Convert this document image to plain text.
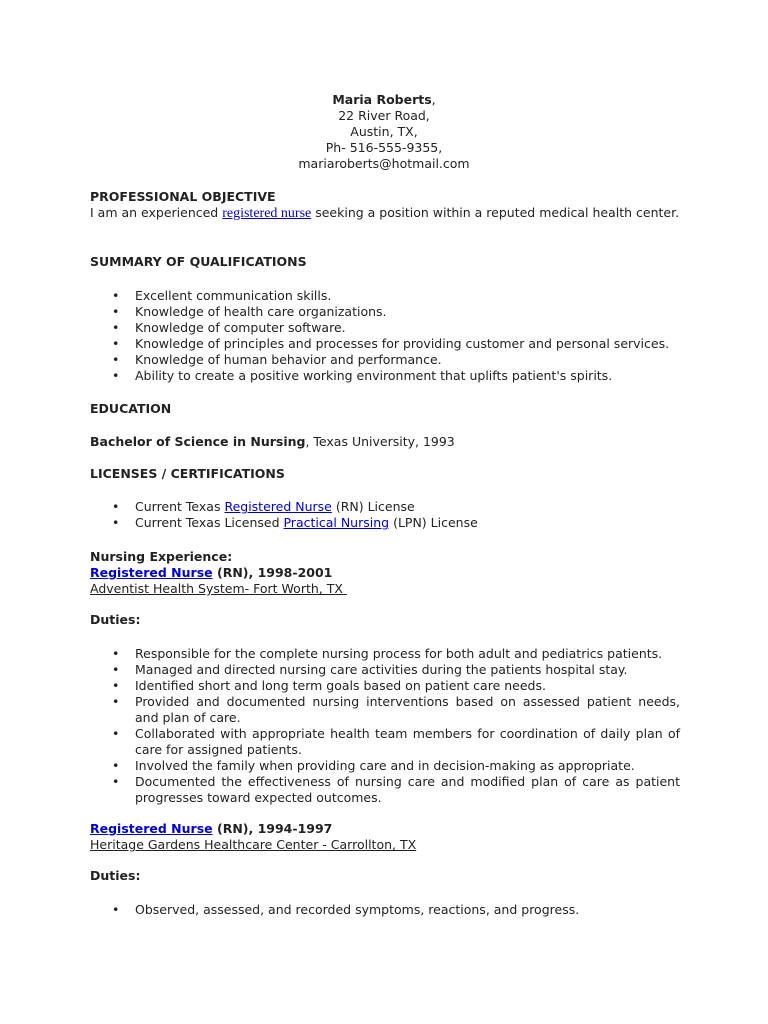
Maria Roberts,
22 River Road,
Austin, TX,
Ph- 516-555-9355,
mariaroberts@hotmail.com
PROFESSIONAL OBJECTIVE
I am an experienced registered nurse seeking a position within a reputed medical health center.
SUMMARY OF QUALIFICATIONS
• Excellent communication skills.
• Knowledge of health care organizations.
• Knowledge of computer software.
• Knowledge of principles and processes for providing customer and personal services.
• Knowledge of human behavior and performance.
• Ability to create a positive working environment that uplifts patient's spirits.
EDUCATION
Bachelor of Science in Nursing, Texas University, 1993
LICENSES / CERTIFICATIONS
• Current Texas Registered Nurse (RN) License
• Current Texas Licensed Practical Nursing (LPN) License
Nursing Experience:
Registered Nurse (RN), 1998-2001
Adventist Health System- Fort Worth, TX
Duties:
• Responsible for the complete nursing process for both adult and pediatrics patients.
• Managed and directed nursing care activities during the patients hospital stay.
• Identified short and long term goals based on patient care needs.
• Provided and documented nursing interventions based on assessed patient needs, and plan of care.
• Collaborated with appropriate health team members for coordination of daily plan of care for assigned patients.
• Involved the family when providing care and in decision-making as appropriate.
• Documented the effectiveness of nursing care and modified plan of care as patient progresses toward expected outcomes.
Registered Nurse (RN), 1994-1997
Heritage Gardens Healthcare Center - Carrollton, TX
Duties:
• Observed, assessed, and recorded symptoms, reactions, and progress.
